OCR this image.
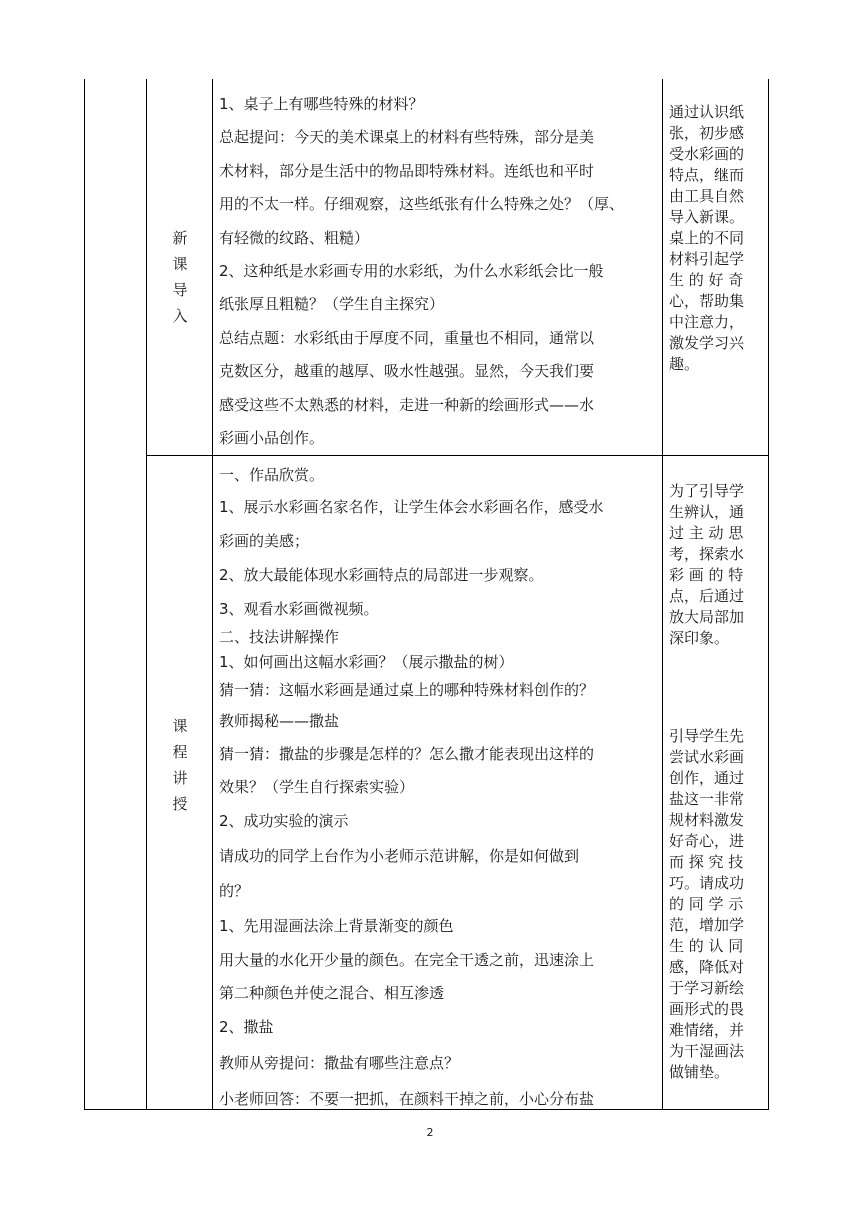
新
课
导
入

1、桌子上有哪些特殊的材料？

总起提问：今天的美术课桌上的材料有些特殊，部分是美

术材料，部分是生活中的物品即特殊材料。连纸也和平时

用的不太一样。仔细观察，这些纸张有什么特殊之处？（厚、

有轻微的纹路、粗糙）

2、这种纸是水彩画专用的水彩纸，为什么水彩纸会比一般

纸张厚且粗糙？（学生自主探究）

总结点题：水彩纸由于厚度不同，重量也不相同，通常以

克数区分，越重的越厚、吸水性越强。显然，今天我们要

感受这些不太熟悉的材料，走进一种新的绘画形式——水

彩画小品创作。

通过认识纸

张，初步感

受水彩画的

特点，继而

由工具自然

导入新课。

桌上的不同

材料引起学

生 的 好 奇

心，帮助集

中注意力，

激发学习兴

趣。

课
程
讲
授

一、作品欣赏。

1、展示水彩画名家名作，让学生体会水彩画名作，感受水

彩画的美感；

2、放大最能体现水彩画特点的局部进一步观察。

3、观看水彩画微视频。

二、技法讲解操作

1、如何画出这幅水彩画？（展示撒盐的树）

猜一猜：这幅水彩画是通过桌上的哪种特殊材料创作的？

教师揭秘——撒盐

猜一猜：撒盐的步骤是怎样的？怎么撒才能表现出这样的

效果？（学生自行探索实验）

2、成功实验的演示

请成功的同学上台作为小老师示范讲解，你是如何做到

的？

1、先用湿画法涂上背景渐变的颜色

用大量的水化开少量的颜色。在完全干透之前，迅速涂上

第二种颜色并使之混合、相互渗透

2、撒盐

教师从旁提问：撒盐有哪些注意点？

小老师回答：不要一把抓，在颜料干掉之前，小心分布盐

为了引导学

生辨认，通

过 主 动 思

考，探索水

彩 画 的 特

点，后通过

放大局部加

深印象。

引导学生先

尝试水彩画

创作，通过

盐这一非常

规材料激发

好奇心，进

而 探 究 技

巧。请成功

的 同 学 示

范，增加学

生 的 认 同

感，降低对

于学习新绘

画形式的畏

难情绪，并

为干湿画法

做铺垫。

2
